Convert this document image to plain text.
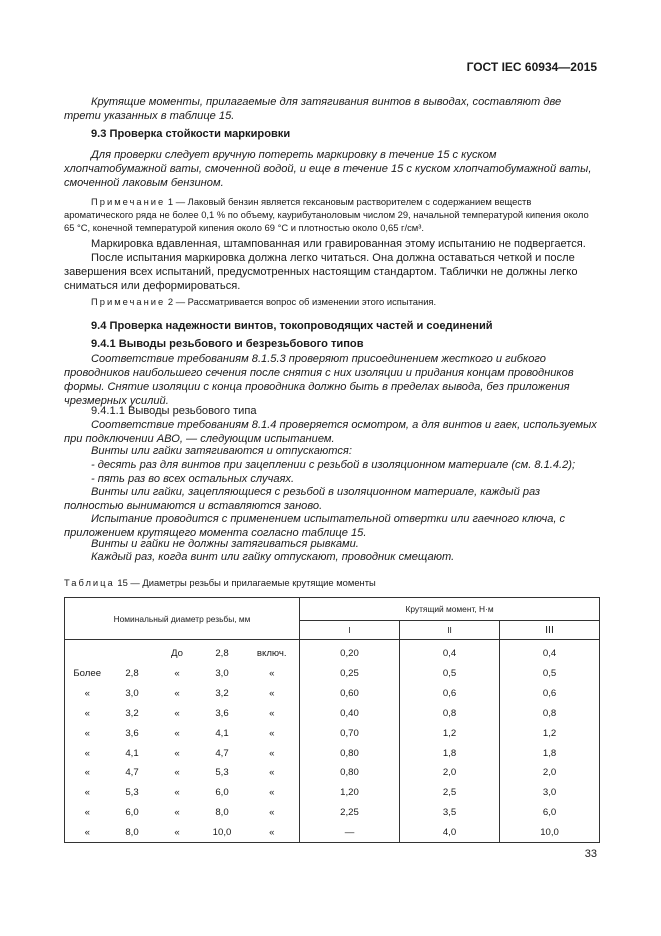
ГОСТ IEC 60934—2015

Крутящие моменты, прилагаемые для затягивания винтов в выводах, составляют две трети указанных в таблице 15.

9.3 Проверка стойкости маркировки

Для проверки следует вручную потереть маркировку в течение 15 с куском хлопчатобумажной ваты, смоченной водой, и еще в течение 15 с куском хлопчатобумажной ваты, смоченной лаковым бензином.

Примечание 1 — Лаковый бензин является гексановым растворителем с содержанием веществ ароматического ряда не более 0,1 % по объему, каурибутаноловым числом 29, начальной температурой кипения около 65 °С, конечной температурой кипения около 69 °С и плотностью около 0,65 г/см³.

Маркировка вдавленная, штампованная или гравированная этому испытанию не подвергается.

После испытания маркировка должна легко читаться. Она должна оставаться четкой и после завершения всех испытаний, предусмотренных настоящим стандартом. Таблички не должны легко сниматься или деформироваться.

Примечание 2 — Рассматривается вопрос об изменении этого испытания.

9.4 Проверка надежности винтов, токопроводящих частей и соединений
9.4.1 Выводы резьбового и безрезьбового типов

Соответствие требованиям 8.1.5.3 проверяют присоединением жесткого и гибкого проводников наибольшего сечения после снятия с них изоляции и придания концам проводников формы. Снятие изоляции с конца проводника должно быть в пределах вывода, без приложения чрезмерных усилий.

9.4.1.1 Выводы резьбового типа

Соответствие требованиям 8.1.4 проверяется осмотром, а для винтов и гаек, используемых при подключении АВО, — следующим испытанием.

Винты или гайки затягиваются и отпускаются:

- десять раз для винтов при зацеплении с резьбой в изоляционном материале (см. 8.1.4.2);

- пять раз во всех остальных случаях.

Винты или гайки, зацепляющиеся с резьбой в изоляционном материале, каждый раз полностью вынимаются и вставляются заново.

Испытание проводится с применением испытательной отвертки или гаечного ключа, с приложением крутящего момента согласно таблице 15.

Винты и гайки не должны затягиваться рывками.

Каждый раз, когда винт или гайку отпускают, проводник смещают.

Таблица 15 — Диаметры резьбы и прилагаемые крутящие моменты
Номинальный диаметр резьбы, мм					Крутящий момент, Н·м		
					I	II	III
		До	2,8	включ.	0,20	0,4	0,4
Более	2,8	«	3,0	«	0,25	0,5	0,5
«	3,0	«	3,2	«	0,60	0,6	0,6
«	3,2	«	3,6	«	0,40	0,8	0,8
«	3,6	«	4,1	«	0,70	1,2	1,2
«	4,1	«	4,7	«	0,80	1,8	1,8
«	4,7	«	5,3	«	0,80	2,0	2,0
«	5,3	«	6,0	«	1,20	2,5	3,0
«	6,0	«	8,0	«	2,25	3,5	6,0
«	8,0	«	10,0	«	—	4,0	10,0
33
